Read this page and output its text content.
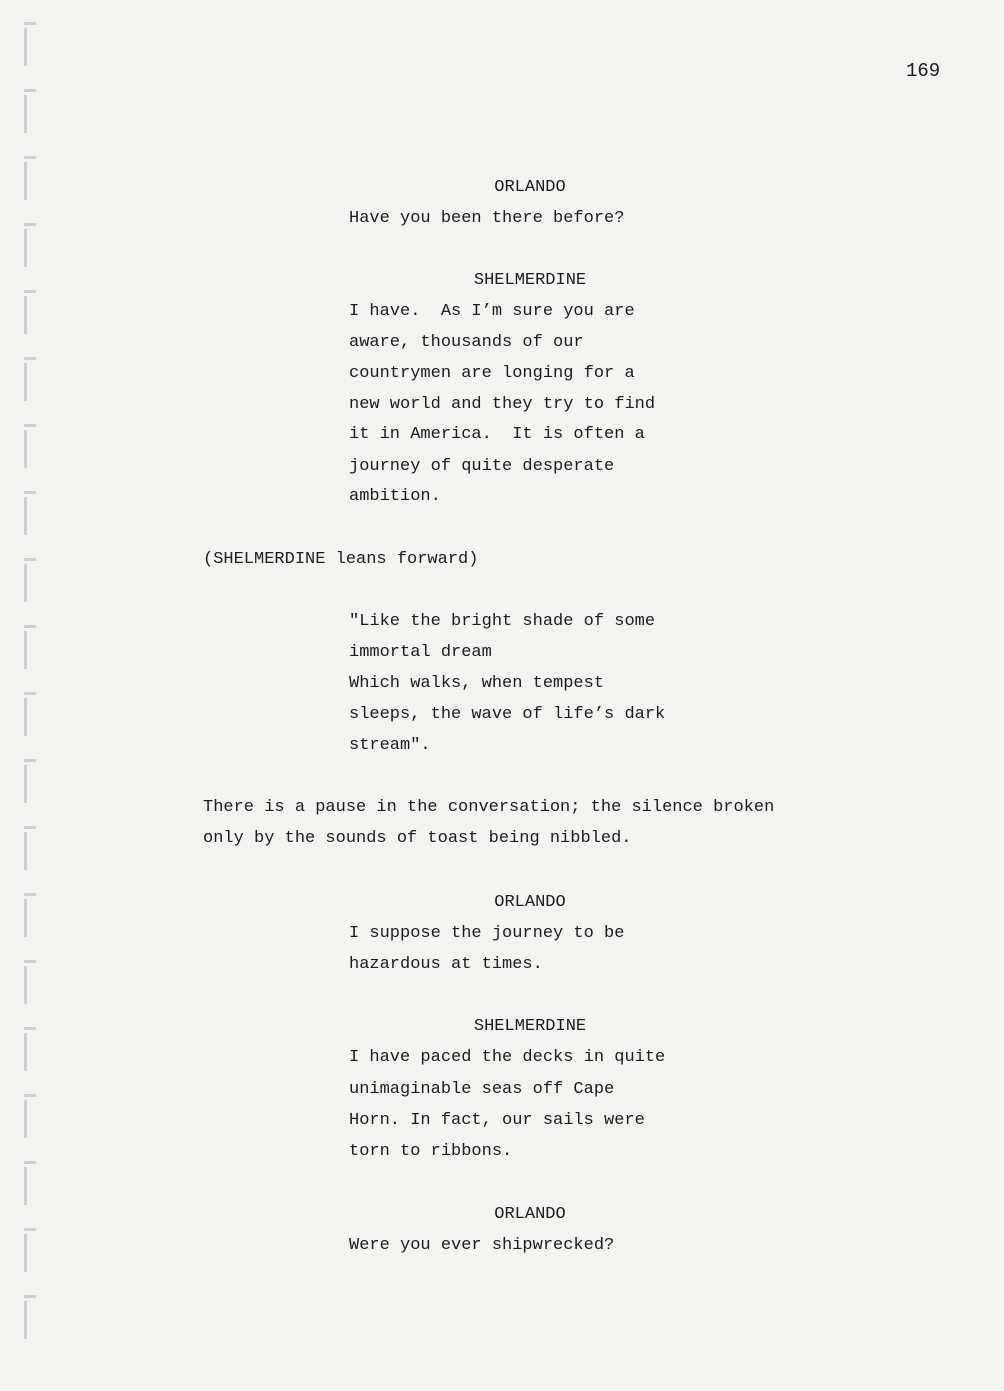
169
ORLANDO
Have you been there before?
SHELMERDINE
I have.  As I’m sure you are
aware, thousands of our
countrymen are longing for a
new world and they try to find
it in America.  It is often a
journey of quite desperate
ambition.
(SHELMERDINE leans forward)
"Like the bright shade of some
immortal dream
Which walks, when tempest
sleeps, the wave of life’s dark
stream".
There is a pause in the conversation; the silence broken
only by the sounds of toast being nibbled.
ORLANDO
I suppose the journey to be
hazardous at times.
SHELMERDINE
I have paced the decks in quite
unimaginable seas off Cape
Horn. In fact, our sails were
torn to ribbons.
ORLANDO
Were you ever shipwrecked?
